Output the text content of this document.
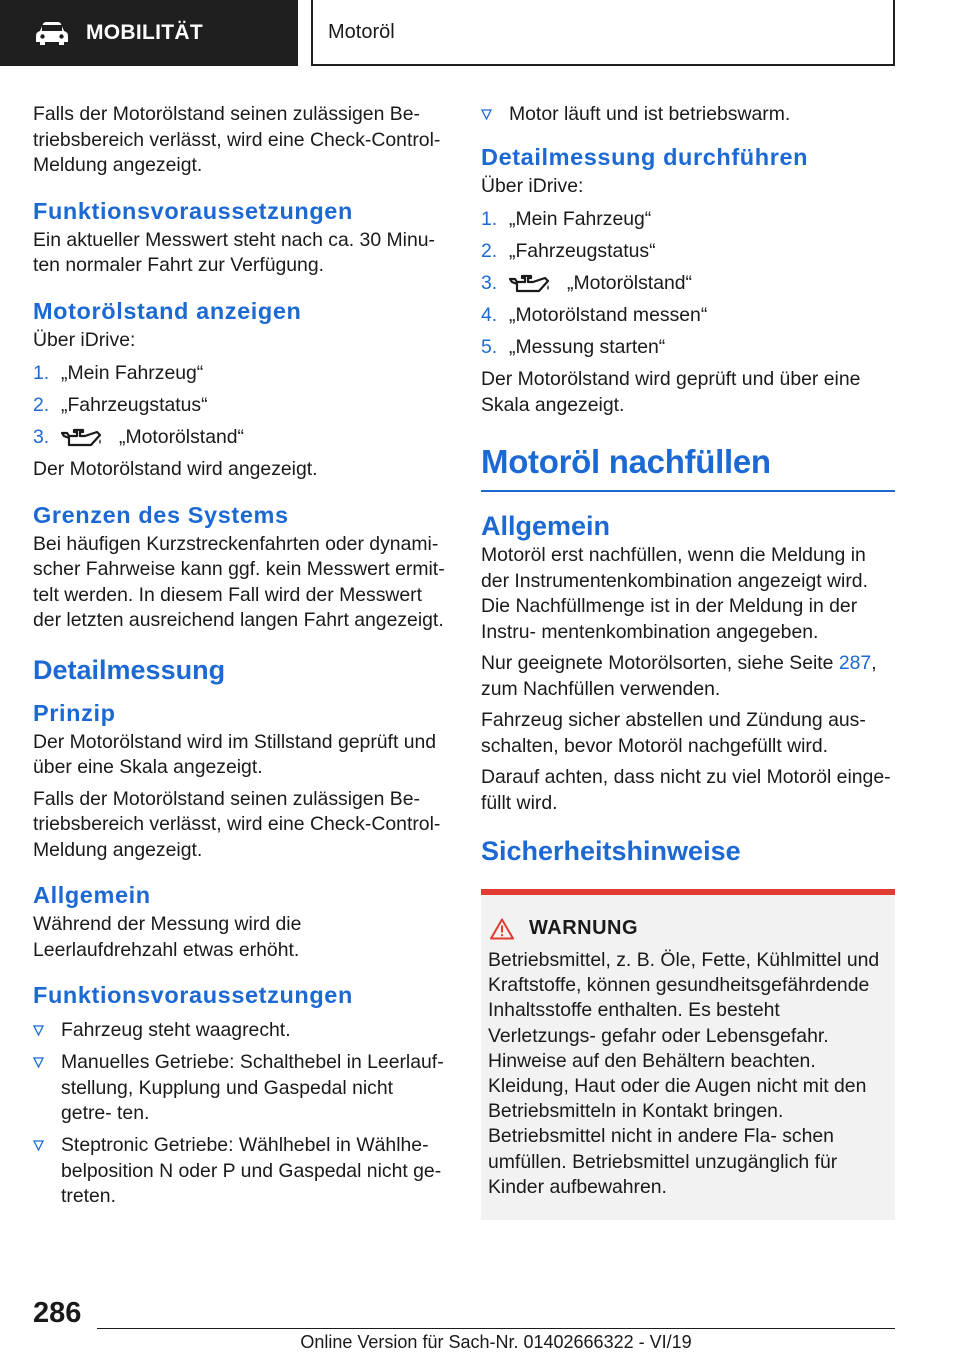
MOBILITÄT	Motoröl

Falls der Motorölstand seinen zulässigen Be‐ triebsbereich verlässt, wird eine Check-Control- Meldung angezeigt.

Funktionsvoraussetzungen

Ein aktueller Messwert steht nach ca. 30 Minu‐ ten normaler Fahrt zur Verfügung.

Motorölstand anzeigen

Über iDrive:

1. „Mein Fahrzeug“
2. „Fahrzeugstatus“
3.	„Motorölstand“

Der Motorölstand wird angezeigt.

Grenzen des Systems

Bei häufigen Kurzstreckenfahrten oder dynami‐ scher Fahrweise kann ggf. kein Messwert ermit‐ telt werden. In diesem Fall wird der Messwert der letzten ausreichend langen Fahrt angezeigt.

Detailmessung
Prinzip

Der Motorölstand wird im Stillstand geprüft und über eine Skala angezeigt.

Falls der Motorölstand seinen zulässigen Be‐ triebsbereich verlässt, wird eine Check-Control- Meldung angezeigt.

Allgemein

Während der Messung wird die Leerlaufdrehzahl etwas erhöht.

Funktionsvoraussetzungen
Fahrzeug steht waagrecht.
Manuelles Getriebe: Schalthebel in Leerlauf‐ stellung, Kupplung und Gaspedal nicht getre‐ ten.
Steptronic Getriebe: Wählhebel in Wählhe‐ belposition N oder P und Gaspedal nicht ge‐ treten.
Motor läuft und ist betriebswarm.
Detailmessung durchführen

Über iDrive:

1. „Mein Fahrzeug“
2. „Fahrzeugstatus“
3.	„Motorölstand“
4. „Motorölstand messen“
5. „Messung starten“

Der Motorölstand wird geprüft und über eine Skala angezeigt.

Motoröl nachfüllen
Allgemein

Motoröl erst nachfüllen, wenn die Meldung in der Instrumentenkombination angezeigt wird. Die Nachfüllmenge ist in der Meldung in der Instru‐ mentenkombination angegeben.

Nur geeignete Motorölsorten, siehe Seite 287, zum Nachfüllen verwenden.

Fahrzeug sicher abstellen und Zündung aus‐ schalten, bevor Motoröl nachgefüllt wird.

Darauf achten, dass nicht zu viel Motoröl einge‐ füllt wird.

Sicherheitshinweise
WARNUNG

Betriebsmittel, z. B. Öle, Fette, Kühlmittel und Kraftstoffe, können gesundheitsgefährdende Inhaltsstoffe enthalten. Es besteht Verletzungs‐ gefahr oder Lebensgefahr. Hinweise auf den Behältern beachten. Kleidung, Haut oder die Augen nicht mit den Betriebsmitteln in Kontakt bringen. Betriebsmittel nicht in andere Fla‐ schen umfüllen. Betriebsmittel unzugänglich für Kinder aufbewahren.

286
Online Version für Sach-Nr. 01402666322 - VI/19
